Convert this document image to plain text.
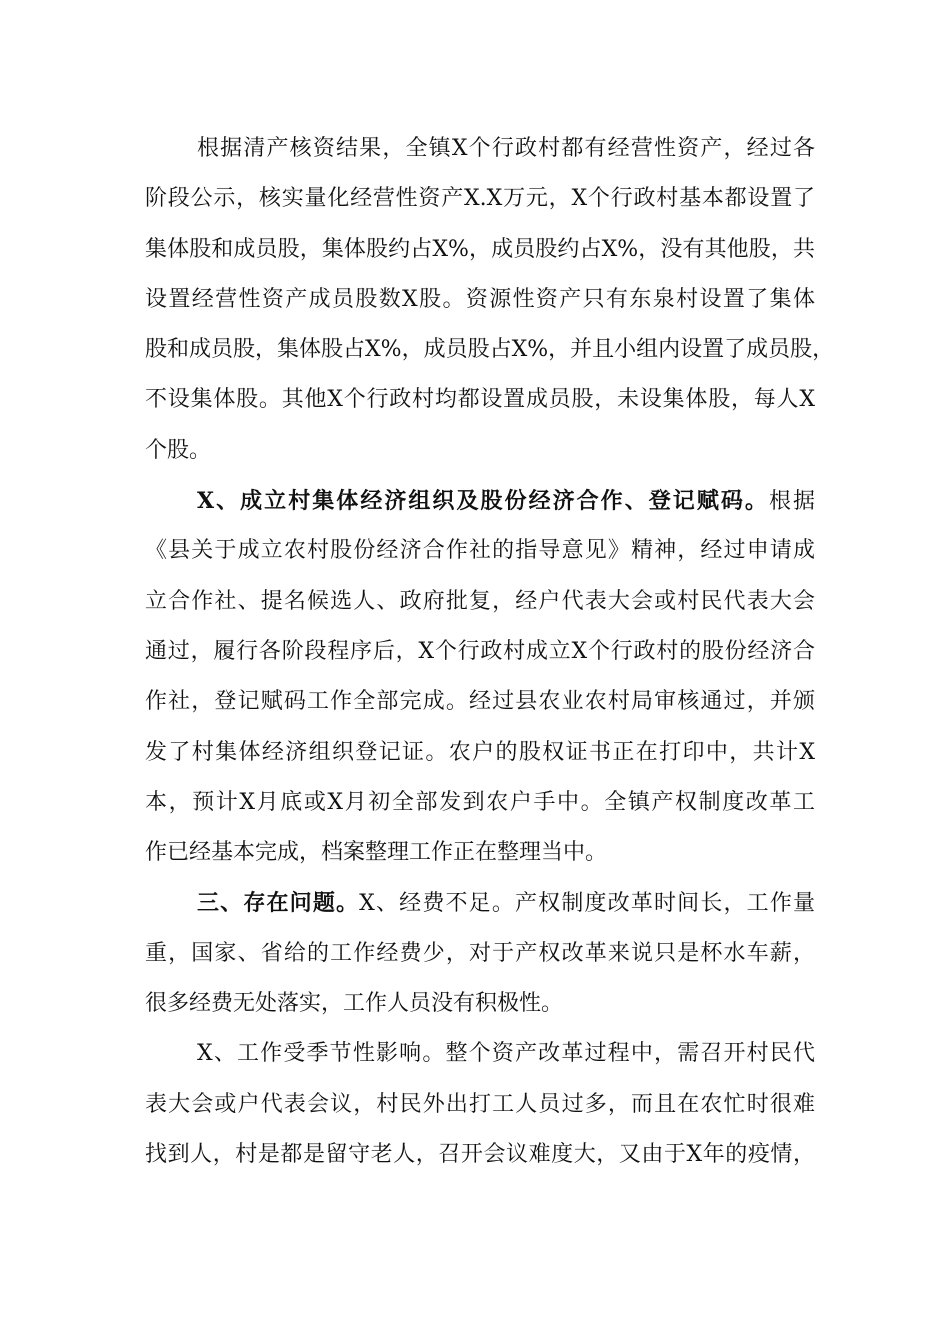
根据清产核资结果，全镇X个行政村都有经营性资产，经过各
阶段公示，核实量化经营性资产X.X万元，X个行政村基本都设置了
集体股和成员股，集体股约占X%，成员股约占X%，没有其他股，共
设置经营性资产成员股数X股。资源性资产只有东泉村设置了集体
股和成员股，集体股占X%，成员股占X%，并且小组内设置了成员股，
不设集体股。其他X个行政村均都设置成员股，未设集体股，每人X
个股。
X、成立村集体经济组织及股份经济合作、登记赋码。根据
《县关于成立农村股份经济合作社的指导意见》精神，经过申请成
立合作社、提名候选人、政府批复，经户代表大会或村民代表大会
通过，履行各阶段程序后，X个行政村成立X个行政村的股份经济合
作社，登记赋码工作全部完成。经过县农业农村局审核通过，并颁
发了村集体经济组织登记证。农户的股权证书正在打印中，共计X
本，预计X月底或X月初全部发到农户手中。全镇产权制度改革工
作已经基本完成，档案整理工作正在整理当中。
三、存在问题。X、经费不足。产权制度改革时间长，工作量
重，国家、省给的工作经费少，对于产权改革来说只是杯水车薪，
很多经费无处落实，工作人员没有积极性。
X、工作受季节性影响。整个资产改革过程中，需召开村民代
表大会或户代表会议，村民外出打工人员过多，而且在农忙时很难
找到人，村是都是留守老人，召开会议难度大，又由于X年的疫情，
